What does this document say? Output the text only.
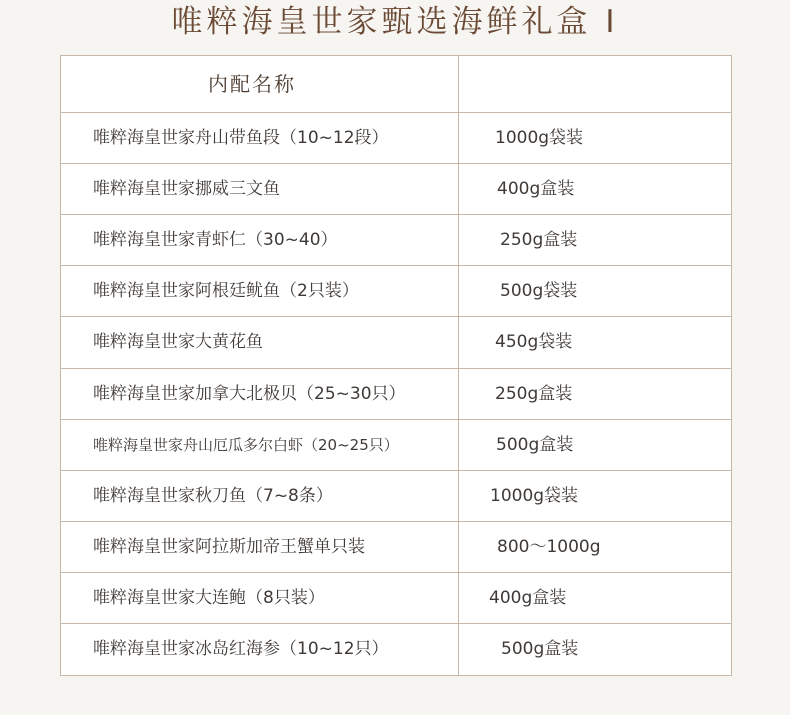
唯粹海皇世家甄选海鲜礼盒 I
内配名称
唯粹海皇世家舟山带鱼段（10~12段）	1000g袋装
唯粹海皇世家挪威三文鱼	400g盒装
唯粹海皇世家青虾仁（30~40）	250g盒装
唯粹海皇世家阿根廷鱿鱼（2只装）	500g袋装
唯粹海皇世家大黄花鱼	450g袋装
唯粹海皇世家加拿大北极贝（25~30只）	250g盒装
唯粹海皇世家舟山厄瓜多尔白虾（20~25只）	500g盒装
唯粹海皇世家秋刀鱼（7~8条）	1000g袋装
唯粹海皇世家阿拉斯加帝王蟹单只装	800～1000g
唯粹海皇世家大连鲍（8只装）	400g盒装
唯粹海皇世家冰岛红海参（10~12只）	500g盒装
